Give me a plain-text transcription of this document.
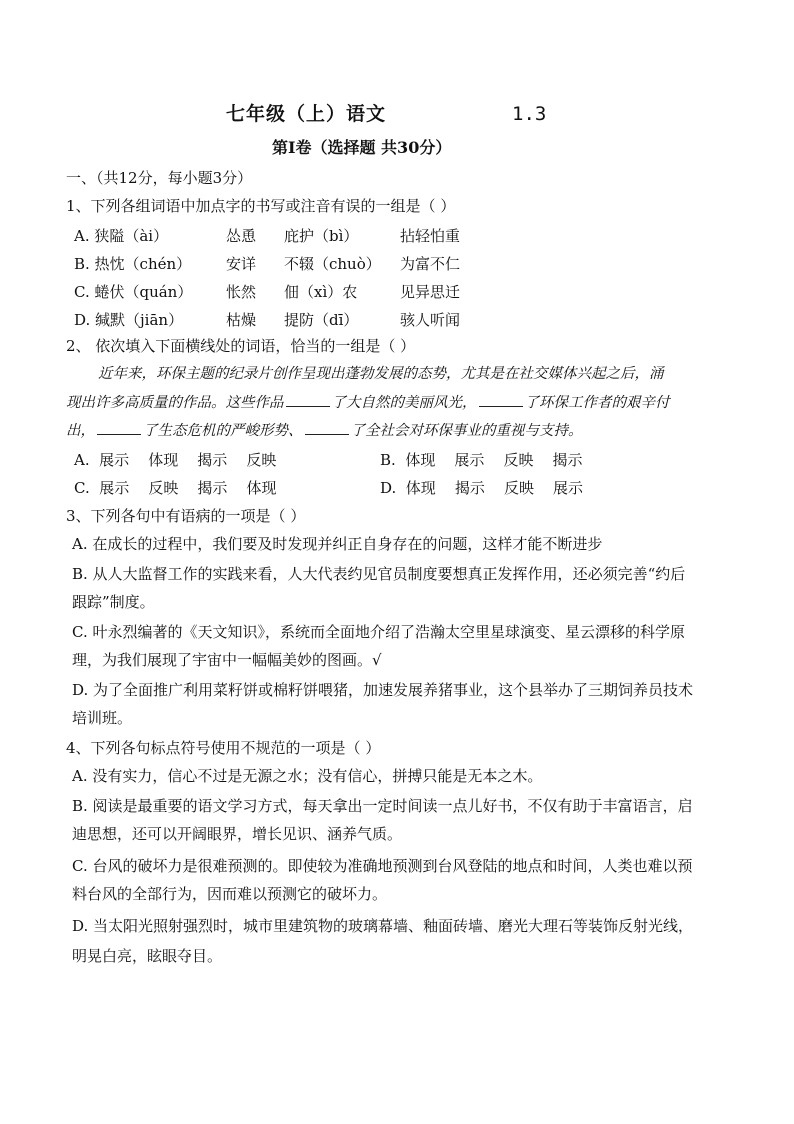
七年级（上）语文	1.3
第Ⅰ卷（选择题 共30分）
一、（共12分，每小题3分）
1、下列各组词语中加点字的书写或注音有误的一组是（ ）
A. 狭隘（ài）	怂恿 庇护（bì）	拈轻怕重
B. 热忱（chén） 安详 不辍（chuò） 为富不仁
C. 蜷伏（quán） 怅然 佃（xì）农	见异思迁
D. 缄默（jiān）	枯燥 提防（dī）	骇人听闻
2、 依次填入下面横线处的词语，恰当的一组是（ ）
近年来，环保主题的纪录片创作呈现出蓬勃发展的态势，尤其是在社交媒体兴起之后，涌
现出许多高质量的作品。这些作品	了大自然的美丽风光，	了环保工作者的艰辛付
出，	了生态危机的严峻形势、	了全社会对环保事业的重视与支持。
A.  展示    体现    揭示    反映	B.  体现    展示    反映    揭示
C.  展示    反映    揭示    体现	D.  体现    揭示    反映    展示
3、下列各句中有语病的一项是（ ）
A. 在成长的过程中，我们要及时发现并纠正自身存在的问题，这样才能不断进步
B. 从人大监督工作的实践来看，人大代表约见官员制度要想真正发挥作用，还必须完善“约后
跟踪”制度。
C. 叶永烈编著的《天文知识》，系统而全面地介绍了浩瀚太空里星球演变、星云漂移的科学原
理，为我们展现了宇宙中一幅幅美妙的图画。√
D. 为了全面推广利用菜籽饼或棉籽饼喂猪，加速发展养猪事业，这个县举办了三期饲养员技术
培训班。
4、下列各句标点符号使用不规范的一项是（ ）
A. 没有实力，信心不过是无源之水；没有信心，拼搏只能是无本之木。
B. 阅读是最重要的语文学习方式，每天拿出一定时间读一点儿好书，不仅有助于丰富语言，启
迪思想，还可以开阔眼界，增长见识、涵养气质。
C. 台风的破坏力是很难预测的。即使较为准确地预测到台风登陆的地点和时间，人类也难以预
料台风的全部行为，因而难以预测它的破坏力。
D. 当太阳光照射强烈时，城市里建筑物的玻璃幕墙、釉面砖墙、磨光大理石等装饰反射光线，
明晃白亮，眩眼夺目。
